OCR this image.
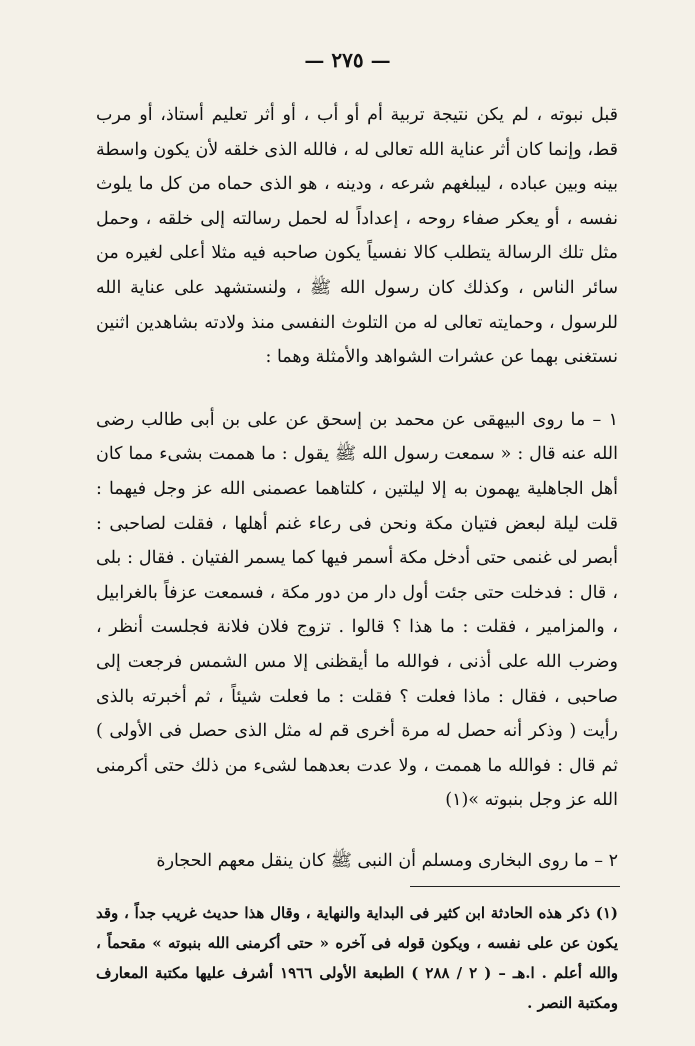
— ٢٧٥ —

قبل نبوته ، لم يكن نتيجة تربية أم أو أب ، أو أثر تعليم أستاذ، أو مرب قط، وإنما كان أثر عناية الله تعالى له ، فالله الذى خلقه لأن يكون واسطة بينه وبين عباده ، ليبلغهم شرعه ، ودينه ، هو الذى حماه من كل ما يلوث نفسه ، أو يعكر صفاء روحه ، إعداداً له لحمل رسالته إلى خلقه ، وحمل مثل تلك الرسالة يتطلب كالا نفسياً يكون صاحبه فيه مثلا أعلى لغيره من سائر الناس ، وكذلك كان رسول الله ﷺ ، ولنستشهد على عناية الله للرسول ، وحمايته تعالى له من التلوث النفسى منذ ولادته بشاهدين اثنين نستغنى بهما عن عشرات الشواهد والأمثلة وهما :

١ – ما روى البيهقى عن محمد بن إسحق عن على بن أبى طالب رضى الله عنه قال : « سمعت رسول الله ﷺ يقول : ما هممت بشىء مما كان أهل الجاهلية يهمون به إلا ليلتين ، كلتاهما عصمنى الله عز وجل فيهما : قلت ليلة لبعض فتيان مكة ونحن فى رعاء غنم أهلها ، فقلت لصاحبى : أبصر لى غنمى حتى أدخل مكة أسمر فيها كما يسمر الفتيان . فقال : بلى ، قال : فدخلت حتى جئت أول دار من دور مكة ، فسمعت عزفاً بالغرابيل ، والمزامير ، فقلت : ما هذا ؟ قالوا . تزوج فلان فلانة فجلست أنظر ، وضرب الله على أذنى ، فوالله ما أيقظنى إلا مس الشمس فرجعت إلى صاحبى ، فقال : ماذا فعلت ؟ فقلت : ما فعلت شيئاً ، ثم أخبرته بالذى رأيت ( وذكر أنه حصل له مرة أخرى قم له مثل الذى حصل فى الأولى ) ثم قال : فوالله ما هممت ، ولا عدت بعدهما لشىء من ذلك حتى أكرمنى الله عز وجل بنبوته »(١)

٢ – ما روى البخارى ومسلم أن النبى ﷺ كان ينقل معهم الحجارة

(١) ذكر هذه الحادثة ابن كثير فى البداية والنهاية ، وقال هذا حديث غريب جداً ، وقد يكون عن على نفسه ، ويكون قوله فى آخره « حتى أكرمنى الله بنبوته » مقحماً ، والله أعلم . ا.هـ – ( ٢ / ٢٨٨ ) الطبعة الأولى ١٩٦٦ أشرف عليها مكتبة المعارف ومكتبة النصر .
